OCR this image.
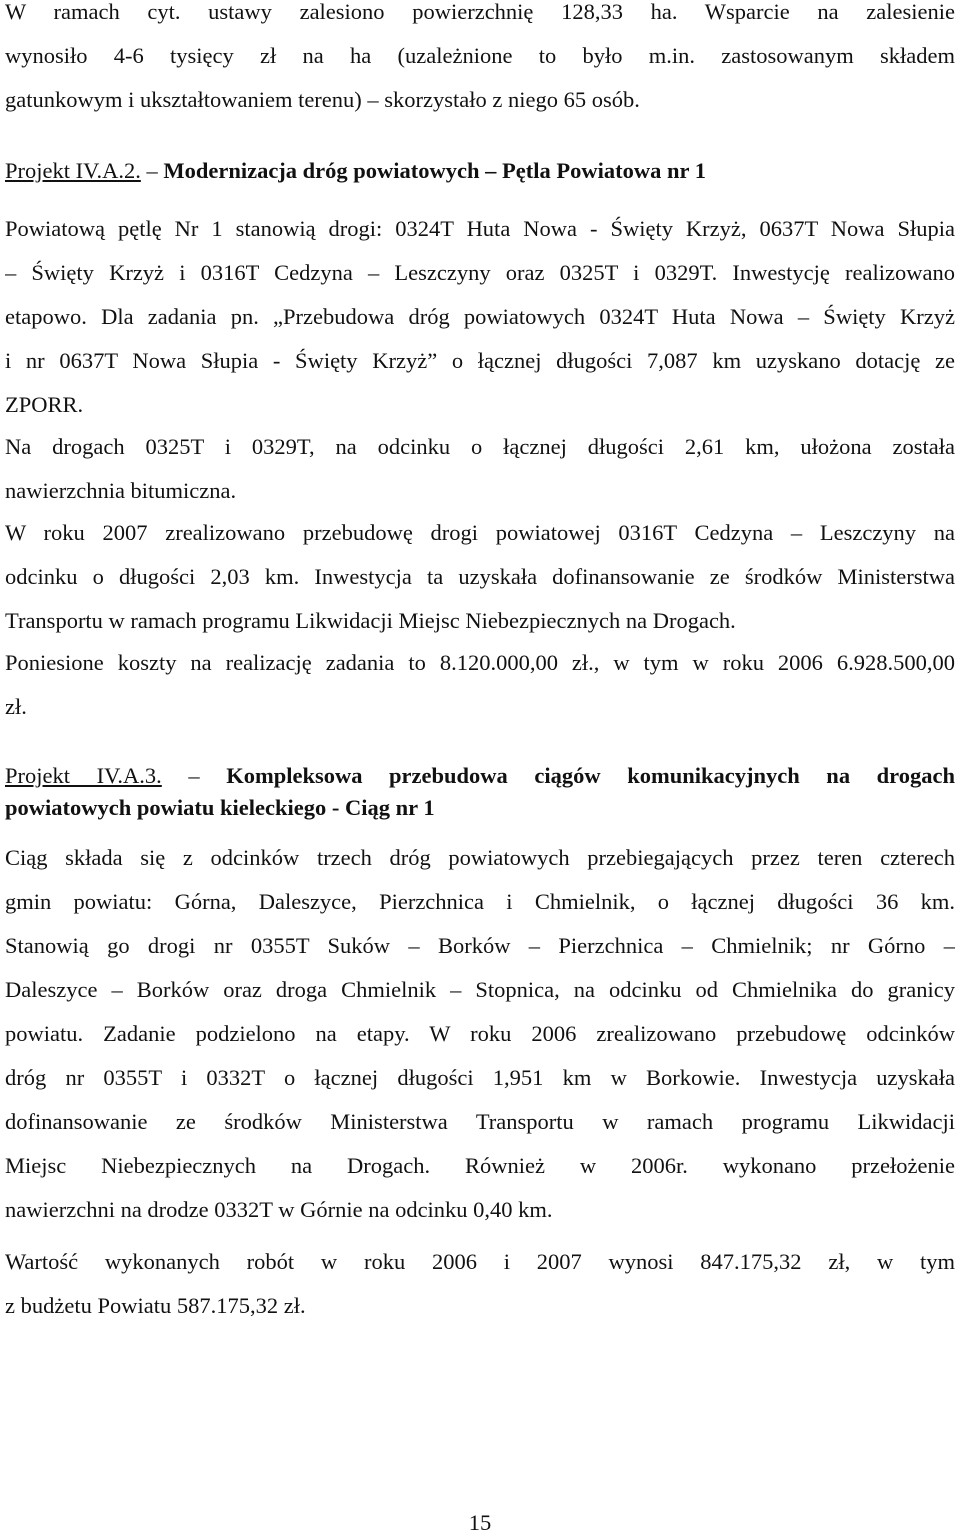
W ramach cyt. ustawy zalesiono powierzchnię 128,33 ha. Wsparcie na zalesienie
wynosiło 4-6 tysięcy zł na ha (uzależnione to było m.in. zastosowanym składem
gatunkowym i ukształtowaniem terenu) – skorzystało z niego 65 osób.
Projekt IV.A.2. – Modernizacja dróg powiatowych – Pętla Powiatowa nr 1
Powiatową pętlę Nr 1 stanowią drogi: 0324T Huta Nowa - Święty Krzyż, 0637T Nowa Słupia
– Święty Krzyż i 0316T Cedzyna – Leszczyny oraz 0325T i 0329T. Inwestycję realizowano
etapowo. Dla zadania pn. „Przebudowa dróg powiatowych 0324T Huta Nowa – Święty Krzyż
i nr 0637T Nowa Słupia - Święty Krzyż” o łącznej długości 7,087 km uzyskano dotację ze
ZPORR.
Na drogach 0325T i 0329T, na odcinku o łącznej długości 2,61 km, ułożona została
nawierzchnia bitumiczna.
W roku 2007 zrealizowano przebudowę drogi powiatowej 0316T Cedzyna – Leszczyny na
odcinku o długości 2,03 km. Inwestycja ta uzyskała dofinansowanie ze środków Ministerstwa
Transportu w ramach programu Likwidacji Miejsc Niebezpiecznych na Drogach.
Poniesione koszty na realizację zadania to 8.120.000,00 zł., w tym w roku 2006 6.928.500,00
zł.
Projekt IV.A.3. – Kompleksowa przebudowa ciągów komunikacyjnych na drogach
powiatowych powiatu kieleckiego - Ciąg nr 1
Ciąg składa się z odcinków trzech dróg powiatowych przebiegających przez teren czterech
gmin powiatu: Górna, Daleszyce, Pierzchnica i Chmielnik, o łącznej długości 36 km.
Stanowią go drogi nr 0355T Suków – Borków – Pierzchnica – Chmielnik; nr Górno –
Daleszyce – Borków oraz droga Chmielnik – Stopnica, na odcinku od Chmielnika do granicy
powiatu. Zadanie podzielono na etapy. W roku 2006 zrealizowano przebudowę odcinków
dróg nr 0355T i 0332T o łącznej długości 1,951 km w Borkowie. Inwestycja uzyskała
dofinansowanie ze środków Ministerstwa Transportu w ramach programu Likwidacji
Miejsc Niebezpiecznych na Drogach. Również w 2006r. wykonano przełożenie
nawierzchni na drodze 0332T w Górnie na odcinku 0,40 km.
Wartość wykonanych robót w roku 2006 i 2007 wynosi 847.175,32 zł, w tym
z budżetu Powiatu 587.175,32 zł.
15
